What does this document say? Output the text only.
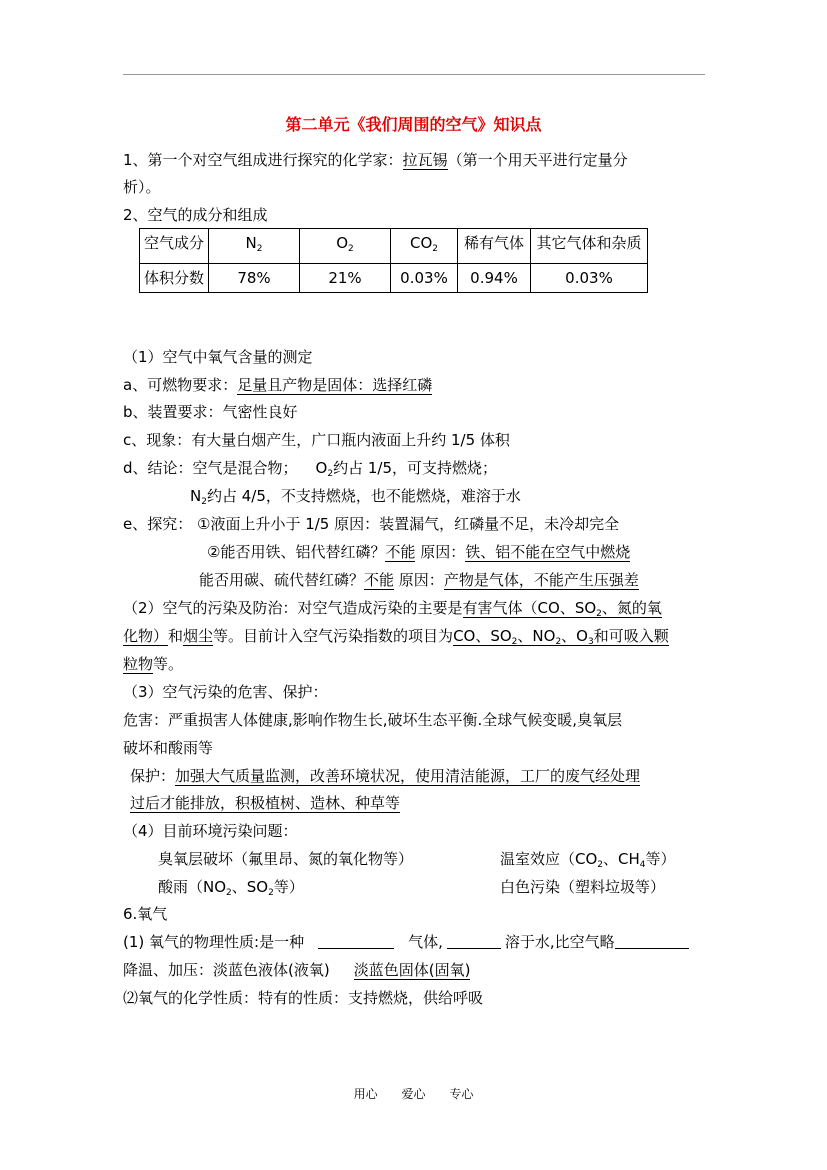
第二单元《我们周围的空气》知识点
1、第一个对空气组成进行探究的化学家：拉瓦锡（第一个用天平进行定量分
析）。
2、空气的成分和组成
空气成分	$N_2$	$O_2$	$CO_2$	稀有气体	其它气体和杂质
体积分数	78%	21%	0.03%	0.94%	0.03%
（1）空气中氧气含量的测定
a、可燃物要求：足量且产物是固体：选择红磷
b、装置要求：气密性良好
c、现象：有大量白烟产生，广口瓶内液面上升约 1/5 体积
d、结论：空气是混合物； $O_2$约占 1/5，可支持燃烧；
$N_2$约占 4/5，不支持燃烧，也不能燃烧，难溶于水
e、探究： ①液面上升小于 1/5 原因：装置漏气，红磷量不足，未冷却完全
②能否用铁、铝代替红磷？不能 原因：铁、铝不能在空气中燃烧
能否用碳、硫代替红磷？不能 原因：产物是气体，不能产生压强差
（2）空气的污染及防治：对空气造成污染的主要是有害气体（CO、$SO_2$、氮的氧
化物）和烟尘等。目前计入空气污染指数的项目为CO、$SO_2$、$NO_2$、$O_3$和可吸入颗
粒物等。
（3）空气污染的危害、保护：
危害：严重损害人体健康,影响作物生长,破坏生态平衡.全球气候变暖,臭氧层
破坏和酸雨等
保护：加强大气质量监测，改善环境状况，使用清洁能源，工厂的废气经处理
过后才能排放，积极植树、造林、种草等
（4）目前环境污染问题：
臭氧层破坏（氟里昂、氮的氧化物等）	温室效应（$CO_2$、$CH_4$等）
酸雨（$NO_2$、$SO_2$等）	白色污染（塑料垃圾等）
6.氧气
(1) 氧气的物理性质:是一种	气体,	溶于水,比空气略
降温、加压：淡蓝色液体(液氧) 淡蓝色固体(固氧)
⑵氧气的化学性质：特有的性质：支持燃烧，供给呼吸
用心 爱心 专心
